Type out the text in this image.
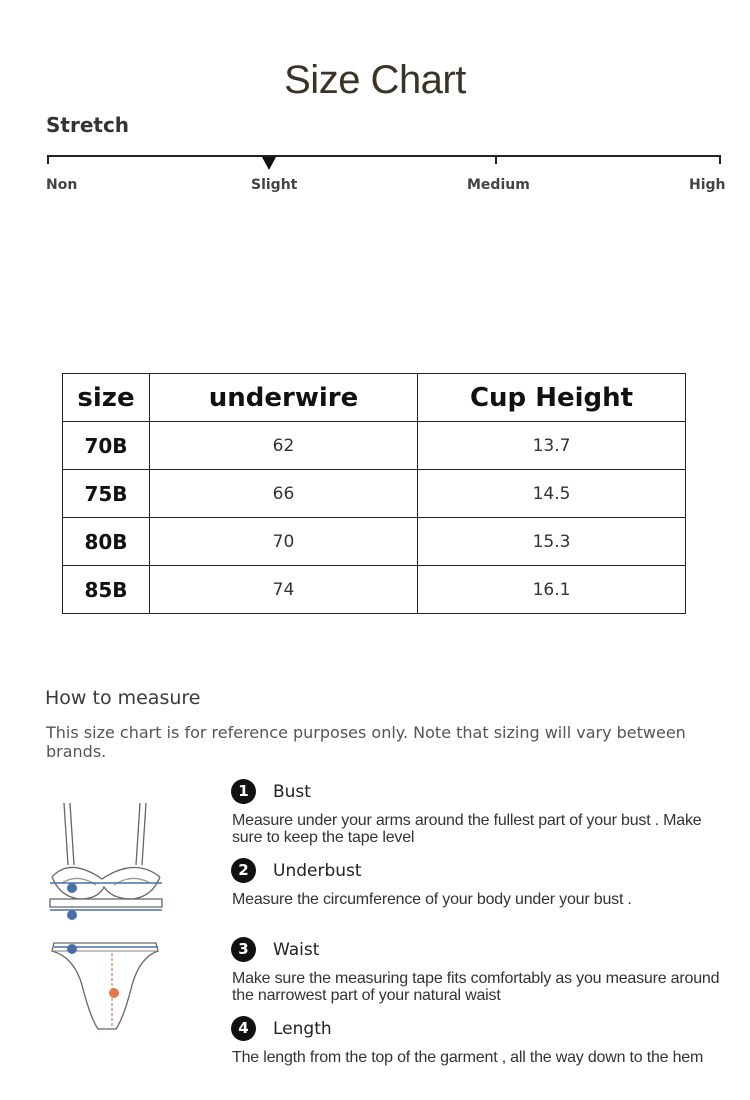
Size Chart
Stretch
Non	Slight	Medium	High
size	underwire	Cup Height
70B	62	13.7
75B	66	14.5
80B	70	15.3
85B	74	16.1
How to measure
This size chart is for reference purposes only. Note that sizing will vary between brands.
1	Bust
Measure under your arms around the fullest part of your bust . Make sure to keep the tape level
2	Underbust
Measure the circumference of your body under your bust .
3	Waist
Make sure the measuring tape fits comfortably as you measure around the narrowest part of your natural waist
4	Length
The length from the top of the garment , all the way down to the hem
